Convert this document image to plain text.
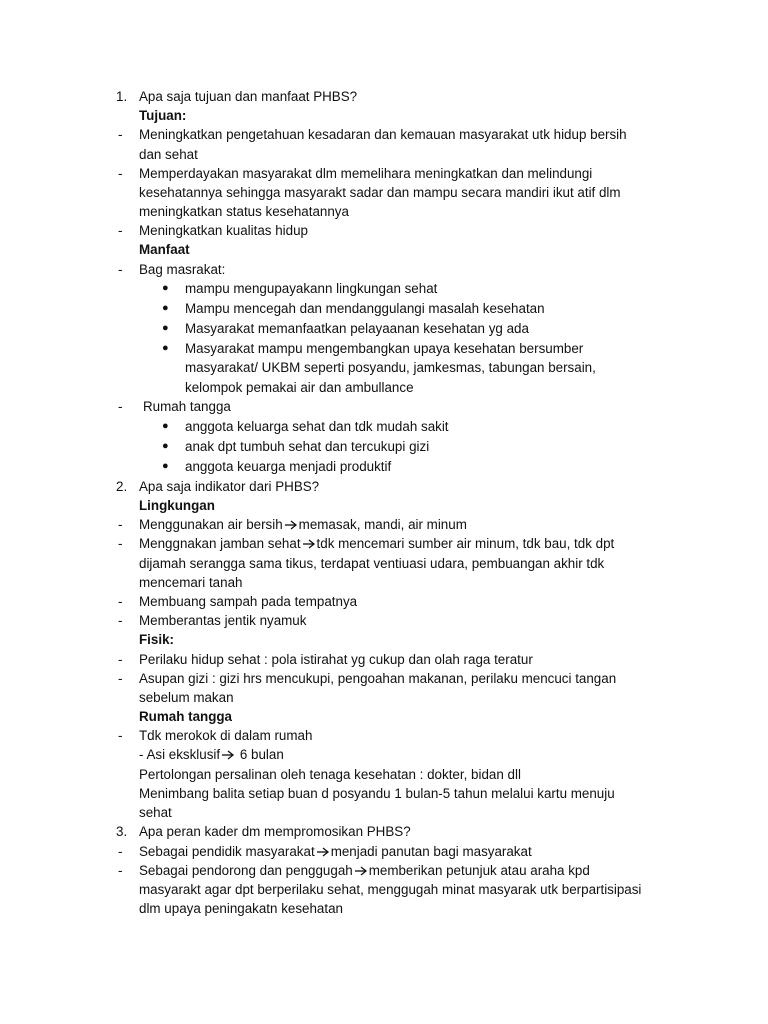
1. Apa saja tujuan dan manfaat PHBS?
Tujuan:
- Meningkatkan pengetahuan kesadaran dan kemauan masyarakat utk hidup bersih
dan sehat
- Memperdayakan masyarakat dlm memelihara meningkatkan dan melindungi
kesehatannya sehingga masyarakt sadar dan mampu secara mandiri ikut atif dlm
meningkatkan status kesehatannya
- Meningkatkan kualitas hidup
Manfaat
- Bag masrakat:
● mampu mengupayakann lingkungan sehat
● Mampu mencegah dan mendanggulangi masalah kesehatan
● Masyarakat memanfaatkan pelayaanan kesehatan yg ada
● Masyarakat mampu mengembangkan upaya kesehatan bersumber
masyarakat/ UKBM seperti posyandu, jamkesmas, tabungan bersain,
kelompok pemakai air dan ambullance
- Rumah tangga
● anggota keluarga sehat dan tdk mudah sakit
● anak dpt tumbuh sehat dan tercukupi gizi
● anggota keuarga menjadi produktif
2. Apa saja indikator dari PHBS?
Lingkungan
- Menggunakan air bersih memasak, mandi, air minum
- Menggnakan jamban sehat tdk mencemari sumber air minum, tdk bau, tdk dpt
dijamah serangga sama tikus, terdapat ventiuasi udara, pembuangan akhir tdk
mencemari tanah
- Membuang sampah pada tempatnya
- Memberantas jentik nyamuk
Fisik:
- Perilaku hidup sehat : pola istirahat yg cukup dan olah raga teratur
- Asupan gizi : gizi hrs mencukupi, pengoahan makanan, perilaku mencuci tangan
sebelum makan
Rumah tangga
- Tdk merokok di dalam rumah
- Asi eksklusif
6 bulan
Pertolongan persalinan oleh tenaga kesehatan : dokter, bidan dll
Menimbang balita setiap buan d posyandu 1 bulan-5 tahun melalui kartu menuju
sehat
3. Apa peran kader dm mempromosikan PHBS?
- Sebagai pendidik masyarakat menjadi panutan bagi masyarakat
- Sebagai pendorong dan penggugah memberikan petunjuk atau araha kpd
masyarakt agar dpt berperilaku sehat, menggugah minat masyarak utk berpartisipasi
dlm upaya peningakatn kesehatan
